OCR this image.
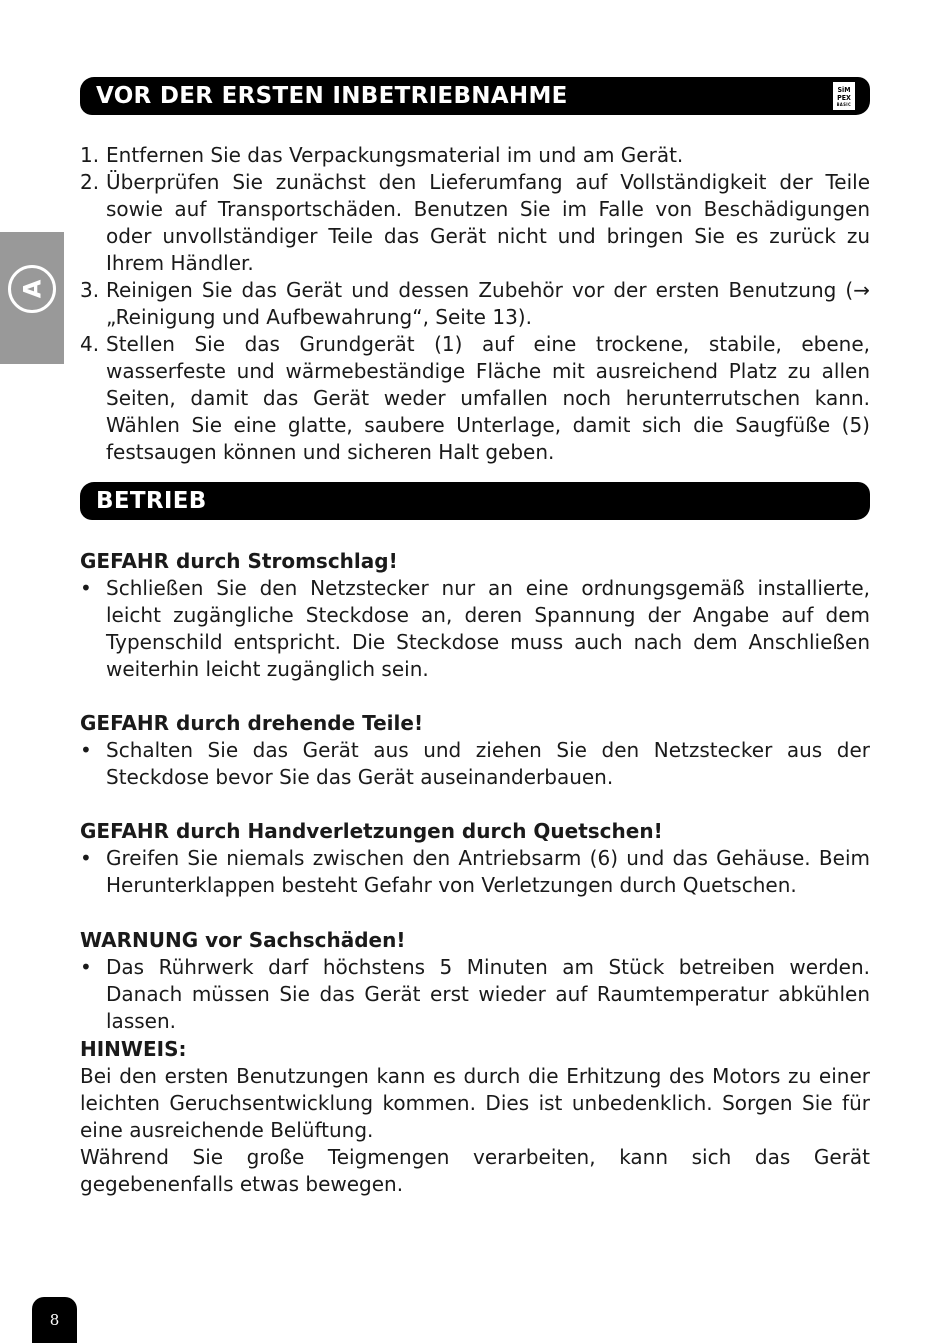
VOR DER ERSTEN INBETRIEBNAHME	SiM
PEX
BASIC
A
1. Entfernen Sie das Verpackungsmaterial im und am Gerät.
2. Überprüfen Sie zunächst den Lieferumfang auf Vollständigkeit der Teile sowie auf Transportschäden. Benutzen Sie im Falle von Beschädigungen oder unvollständiger Teile das Gerät nicht und bringen Sie es zurück zu Ihrem Händler.
3. Reinigen Sie das Gerät und dessen Zubehör vor der ersten Benutzung (→ „Reinigung und Aufbewahrung“, Seite 13).
4. Stellen Sie das Grundgerät (1) auf eine trockene, stabile, ebene, wasserfeste und wärmebeständige Fläche mit ausreichend Platz zu allen Seiten, damit das Gerät weder umfallen noch herunterrutschen kann. Wählen Sie eine glatte, saubere Unterlage, damit sich die Saugfüße (5) festsaugen können und sicheren Halt geben.
BETRIEB
GEFAHR durch Stromschlag!
• Schließen Sie den Netzstecker nur an eine ordnungsgemäß installierte, leicht zugängliche Steckdose an, deren Spannung der Angabe auf dem Typenschild entspricht. Die Steckdose muss auch nach dem Anschließen weiterhin leicht zugänglich sein.
GEFAHR durch drehende Teile!
• Schalten Sie das Gerät aus und ziehen Sie den Netzstecker aus der Steckdose bevor Sie das Gerät auseinanderbauen.
GEFAHR durch Handverletzungen durch Quetschen!
• Greifen Sie niemals zwischen den Antriebsarm (6) und das Gehäuse. Beim Herunterklappen besteht Gefahr von Verletzungen durch Quetschen.
WARNUNG vor Sachschäden!
• Das Rührwerk darf höchstens 5 Minuten am Stück betreiben werden. Danach müssen Sie das Gerät erst wieder auf Raumtemperatur abkühlen lassen.
HINWEIS:
Bei den ersten Benutzungen kann es durch die Erhitzung des Motors zu einer leichten Geruchsentwicklung kommen. Dies ist unbedenklich. Sorgen Sie für eine ausreichende Belüftung.
Während Sie große Teigmengen verarbeiten, kann sich das Gerät gegebenenfalls etwas bewegen.
8
